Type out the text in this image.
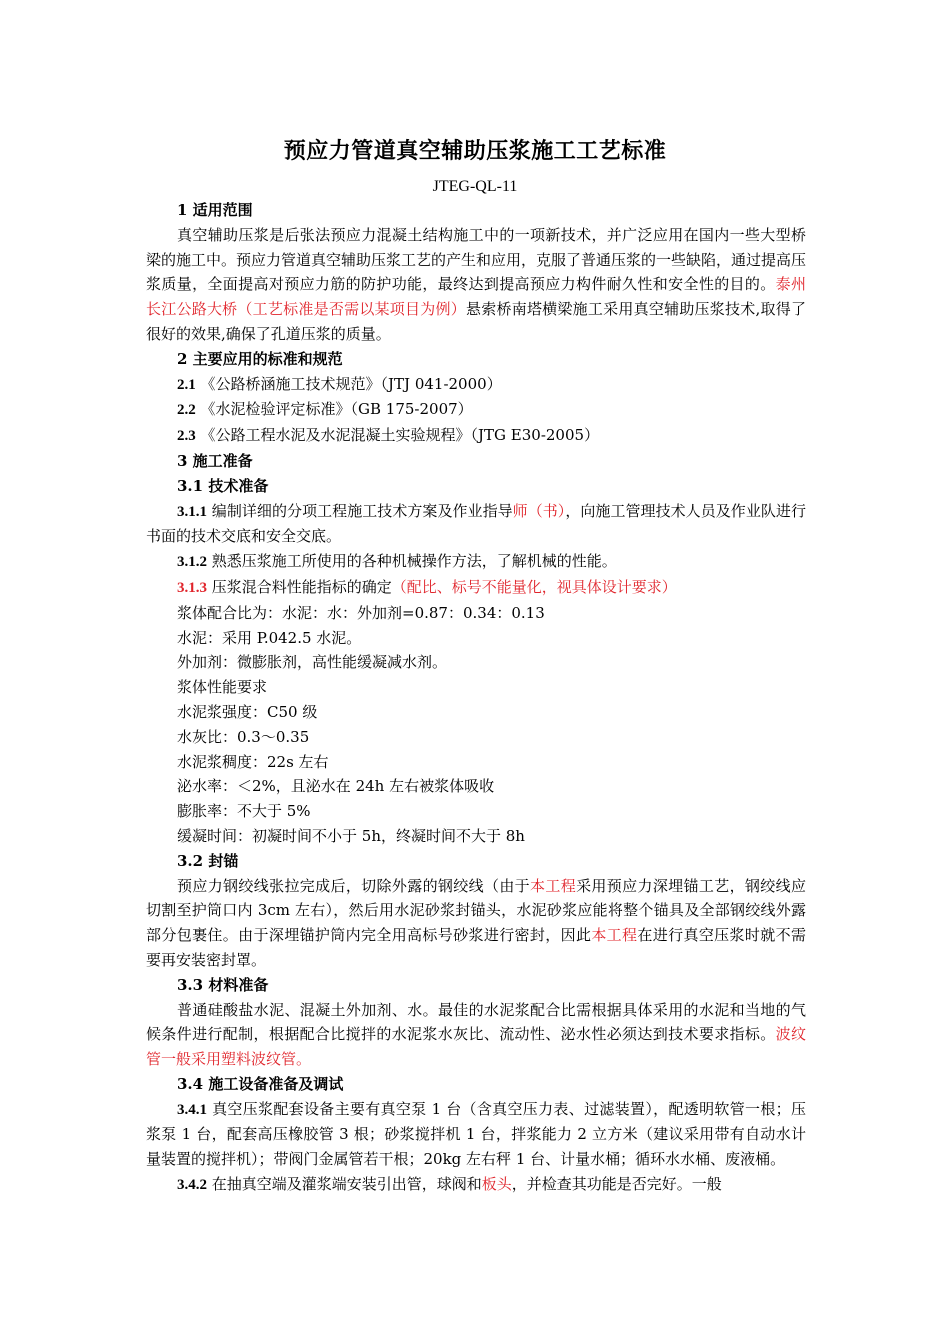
预应力管道真空辅助压浆施工工艺标准
JTEG-QL-11

1 适用范围

真空辅助压浆是后张法预应力混凝土结构施工中的一项新技术，并广泛应用在国内一些大型桥梁的施工中。预应力管道真空辅助压浆工艺的产生和应用，克服了普通压浆的一些缺陷，通过提高压浆质量，全面提高对预应力筋的防护功能，最终达到提高预应力构件耐久性和安全性的目的。泰州长江公路大桥（工艺标准是否需以某项目为例）悬索桥南塔横梁施工采用真空辅助压浆技术,取得了很好的效果,确保了孔道压浆的质量。

2 主要应用的标准和规范

2.1 《公路桥涵施工技术规范》（JTJ 041-2000）

2.2 《水泥检验评定标准》（GB 175-2007）

2.3 《公路工程水泥及水泥混凝土实验规程》（JTG E30-2005）

3 施工准备

3.1 技术准备

3.1.1 编制详细的分项工程施工技术方案及作业指导师（书），向施工管理技术人员及作业队进行书面的技术交底和安全交底。

3.1.2 熟悉压浆施工所使用的各种机械操作方法，了解机械的性能。

3.1.3 压浆混合料性能指标的确定（配比、标号不能量化，视具体设计要求）

浆体配合比为：水泥：水：外加剂=0.87：0.34：0.13

水泥：采用 P.042.5 水泥。

外加剂：微膨胀剂，高性能缓凝减水剂。

浆体性能要求

水泥浆强度：C50 级

水灰比：0.3～0.35

水泥浆稠度：22s 左右

泌水率：＜2%，且泌水在 24h 左右被浆体吸收

膨胀率：不大于 5%

缓凝时间：初凝时间不小于 5h，终凝时间不大于 8h

3.2 封锚

预应力钢绞线张拉完成后，切除外露的钢绞线（由于本工程采用预应力深埋锚工艺，钢绞线应切割至护筒口内 3cm 左右），然后用水泥砂浆封锚头，水泥砂浆应能将整个锚具及全部钢绞线外露部分包裹住。由于深埋锚护筒内完全用高标号砂浆进行密封，因此本工程在进行真空压浆时就不需要再安装密封罩。

3.3 材料准备

普通硅酸盐水泥、混凝土外加剂、水。最佳的水泥浆配合比需根据具体采用的水泥和当地的气候条件进行配制，根据配合比搅拌的水泥浆水灰比、流动性、泌水性必须达到技术要求指标。波纹管一般采用塑料波纹管。

3.4 施工设备准备及调试

3.4.1 真空压浆配套设备主要有真空泵 1 台（含真空压力表、过滤装置），配透明软管一根；压浆泵 1 台，配套高压橡胶管 3 根；砂浆搅拌机 1 台，拌浆能力 2 立方米（建议采用带有自动水计量装置的搅拌机）；带阀门金属管若干根；20kg 左右秤 1 台、计量水桶；循环水水桶、废液桶。

3.4.2 在抽真空端及灌浆端安装引出管，球阀和板头，并检查其功能是否完好。一般
